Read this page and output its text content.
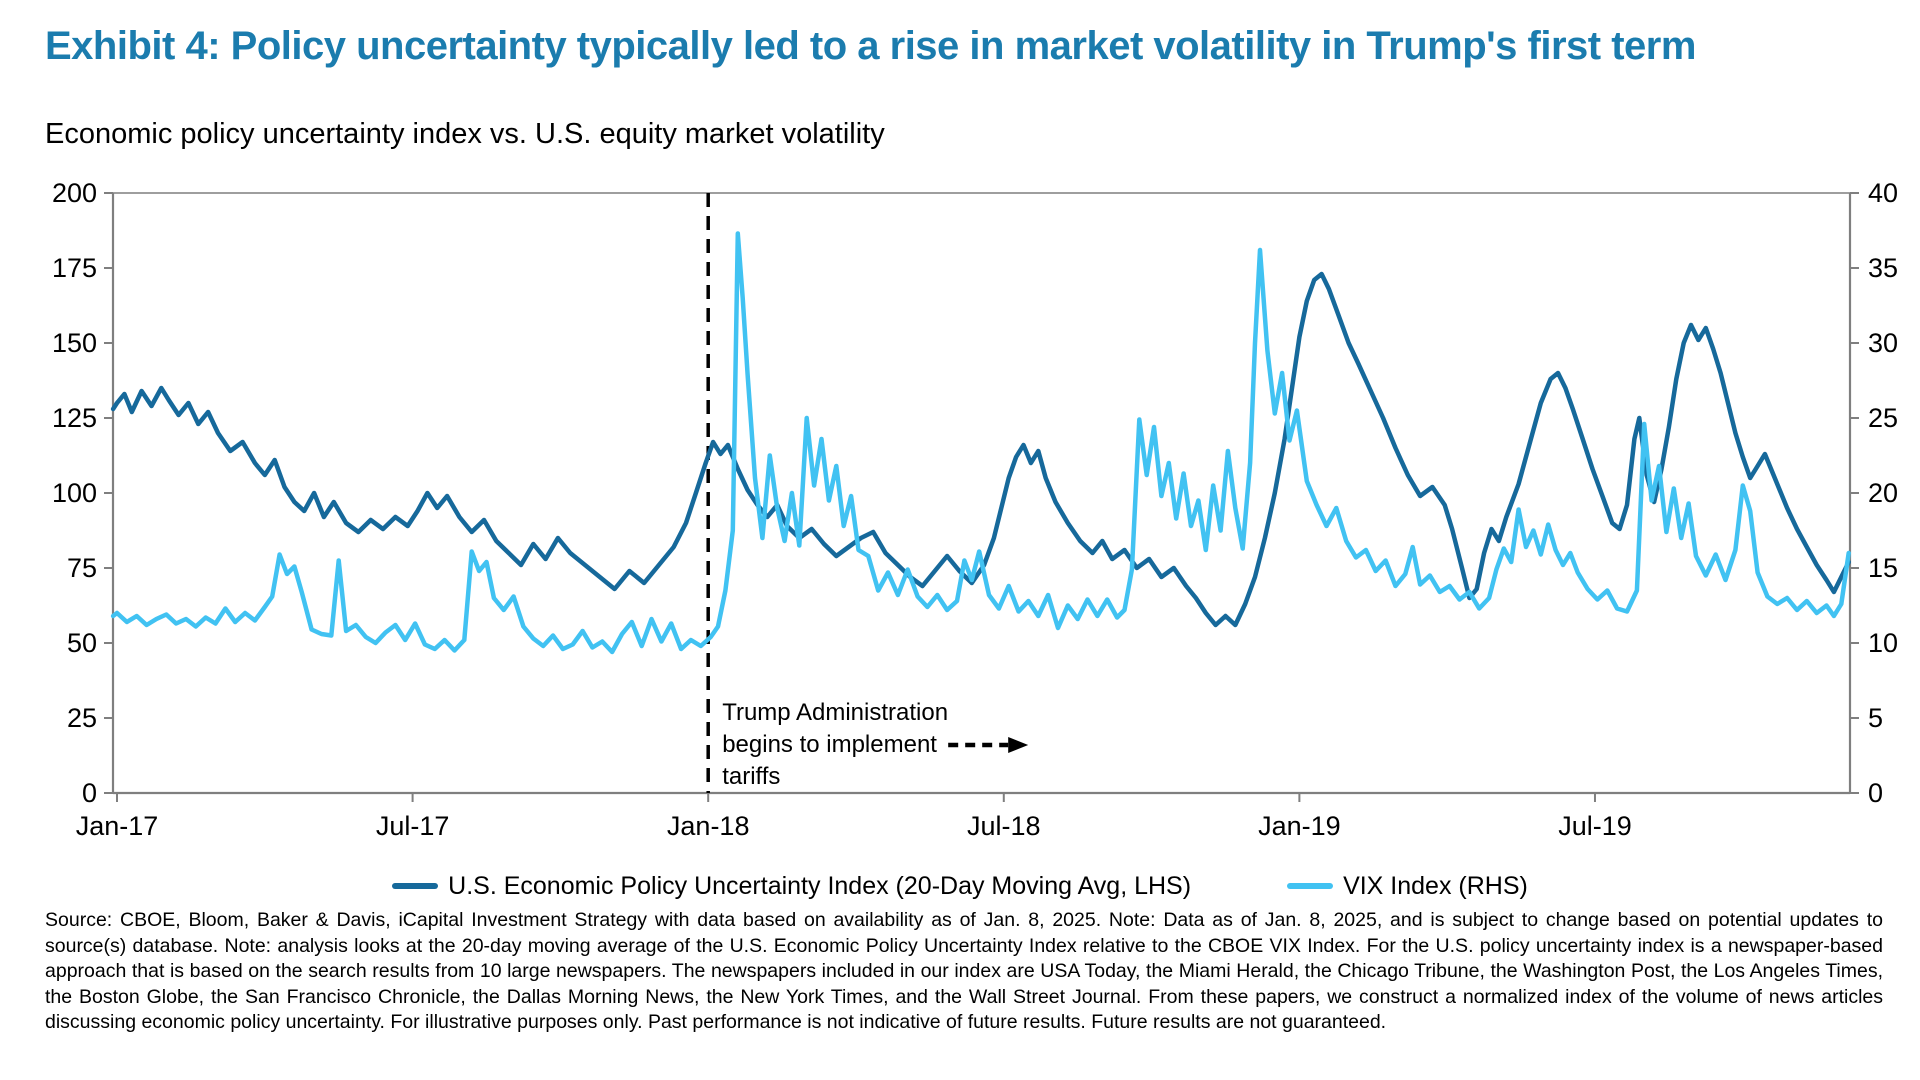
Exhibit 4: Policy uncertainty typically led to a rise in market volatility in Trump's first term
Economic policy uncertainty index vs. U.S. equity market volatility
0
25
50
75
100
125
150
175
200
0
5
10
15
20
25
30
35
40
Jan-17	Jul-17	Jan-18	Jul-18	Jan-19	Jul-19
Trump Administration
begins to implement
tariffs
U.S. Economic Policy Uncertainty Index (20-Day Moving Avg, LHS)	VIX Index (RHS)

Source: CBOE, Bloom, Baker & Davis, iCapital Investment Strategy with data based on availability as of Jan. 8, 2025. Note: Data as of Jan. 8, 2025, and is subject to change based on potential updates to source(s) database. Note: analysis looks at the 20-day moving average of the U.S. Economic Policy Uncertainty Index relative to the CBOE VIX Index. For the U.S. policy uncertainty index is a newspaper-based approach that is based on the search results from 10 large newspapers. The newspapers included in our index are USA Today, the Miami Herald, the Chicago Tribune, the Washington Post, the Los Angeles Times, the Boston Globe, the San Francisco Chronicle, the Dallas Morning News, the New York Times, and the Wall Street Journal. From these papers, we construct a normalized index of the volume of news articles discussing economic policy uncertainty. For illustrative purposes only. Past performance is not indicative of future results. Future results are not guaranteed.
